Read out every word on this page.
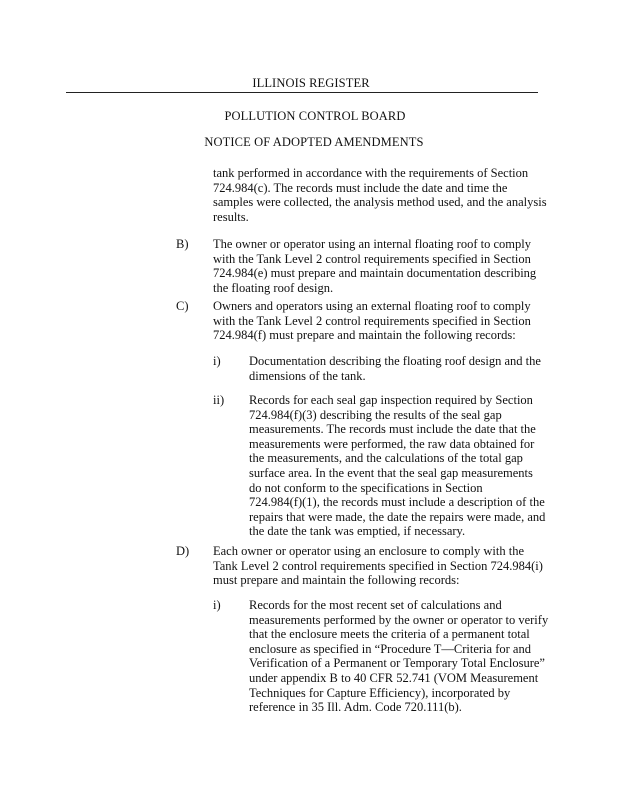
ILLINOIS REGISTER
POLLUTION CONTROL BOARD
NOTICE OF ADOPTED AMENDMENTS
tank performed in accordance with the requirements of Section
724.984(c). The records must include the date and time the
samples were collected, the analysis method used, and the analysis
results.
B) The owner or operator using an internal floating roof to comply
with the Tank Level 2 control requirements specified in Section
724.984(e) must prepare and maintain documentation describing
the floating roof design.
C) Owners and operators using an external floating roof to comply
with the Tank Level 2 control requirements specified in Section
724.984(f) must prepare and maintain the following records:
i) Documentation describing the floating roof design and the
dimensions of the tank.
ii) Records for each seal gap inspection required by Section
724.984(f)(3) describing the results of the seal gap
measurements. The records must include the date that the
measurements were performed, the raw data obtained for
the measurements, and the calculations of the total gap
surface area. In the event that the seal gap measurements
do not conform to the specifications in Section
724.984(f)(1), the records must include a description of the
repairs that were made, the date the repairs were made, and
the date the tank was emptied, if necessary.
D) Each owner or operator using an enclosure to comply with the
Tank Level 2 control requirements specified in Section 724.984(i)
must prepare and maintain the following records:
i) Records for the most recent set of calculations and
measurements performed by the owner or operator to verify
that the enclosure meets the criteria of a permanent total
enclosure as specified in “Procedure T—Criteria for and
Verification of a Permanent or Temporary Total Enclosure”
under appendix B to 40 CFR 52.741 (VOM Measurement
Techniques for Capture Efficiency), incorporated by
reference in 35 Ill. Adm. Code 720.111(b).
